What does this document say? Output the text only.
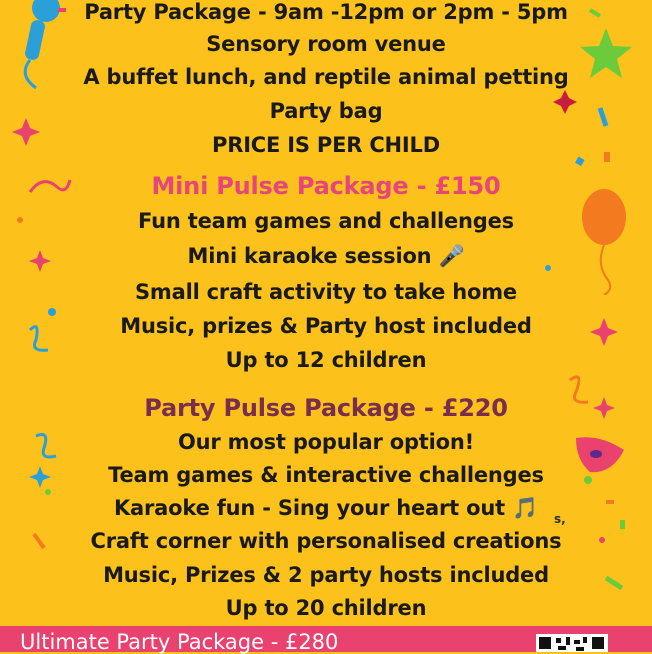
Party Package - 9am -12pm or 2pm - 5pm
Sensory room venue
A buffet lunch, and reptile animal petting
Party bag
PRICE IS PER CHILD
Mini Pulse Package - £150
Fun team games and challenges
Mini karaoke session 🎤
Small craft activity to take home
Music, prizes & Party host included
Up to 12 children
Party Pulse Package - £220
Our most popular option!
Team games & interactive challenges
Karaoke fun - Sing your heart out 🎵
Craft corner with personalised creations
Music, Prizes & 2 party hosts included
Up to 20 children
s,
Ultimate Party Package - £280
